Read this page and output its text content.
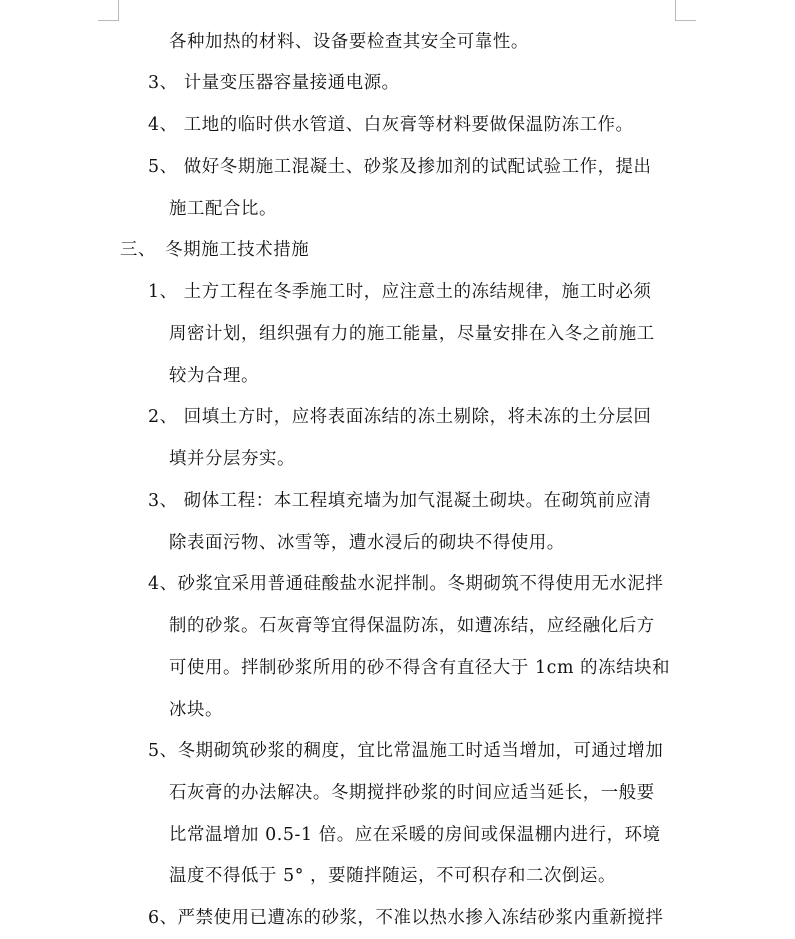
各种加热的材料、设备要检查其安全可靠性。
3、 计量变压器容量接通电源。
4、 工地的临时供水管道、白灰膏等材料要做保温防冻工作。
5、 做好冬期施工混凝土、砂浆及掺加剂的试配试验工作，提出
施工配合比。
三、　冬期施工技术措施
1、 土方工程在冬季施工时，应注意土的冻结规律，施工时必须
周密计划，组织强有力的施工能量，尽量安排在入冬之前施工
较为合理。
2、 回填土方时，应将表面冻结的冻土剔除，将未冻的土分层回
填并分层夯实。
3、 砌体工程：本工程填充墙为加气混凝土砌块。在砌筑前应清
除表面污物、冰雪等，遭水浸后的砌块不得使用。
4、砂浆宜采用普通硅酸盐水泥拌制。冬期砌筑不得使用无水泥拌
制的砂浆。石灰膏等宜得保温防冻，如遭冻结，应经融化后方
可使用。拌制砂浆所用的砂不得含有直径大于 1cm 的冻结块和
冰块。
5、冬期砌筑砂浆的稠度，宜比常温施工时适当增加，可通过增加
石灰膏的办法解决。冬期搅拌砂浆的时间应适当延长，一般要
比常温增加 0.5-1 倍。应在采暖的房间或保温棚内进行，环境
温度不得低于 5° ，要随拌随运，不可积存和二次倒运。
6、严禁使用已遭冻的砂浆，不准以热水掺入冻结砂浆内重新搅拌
